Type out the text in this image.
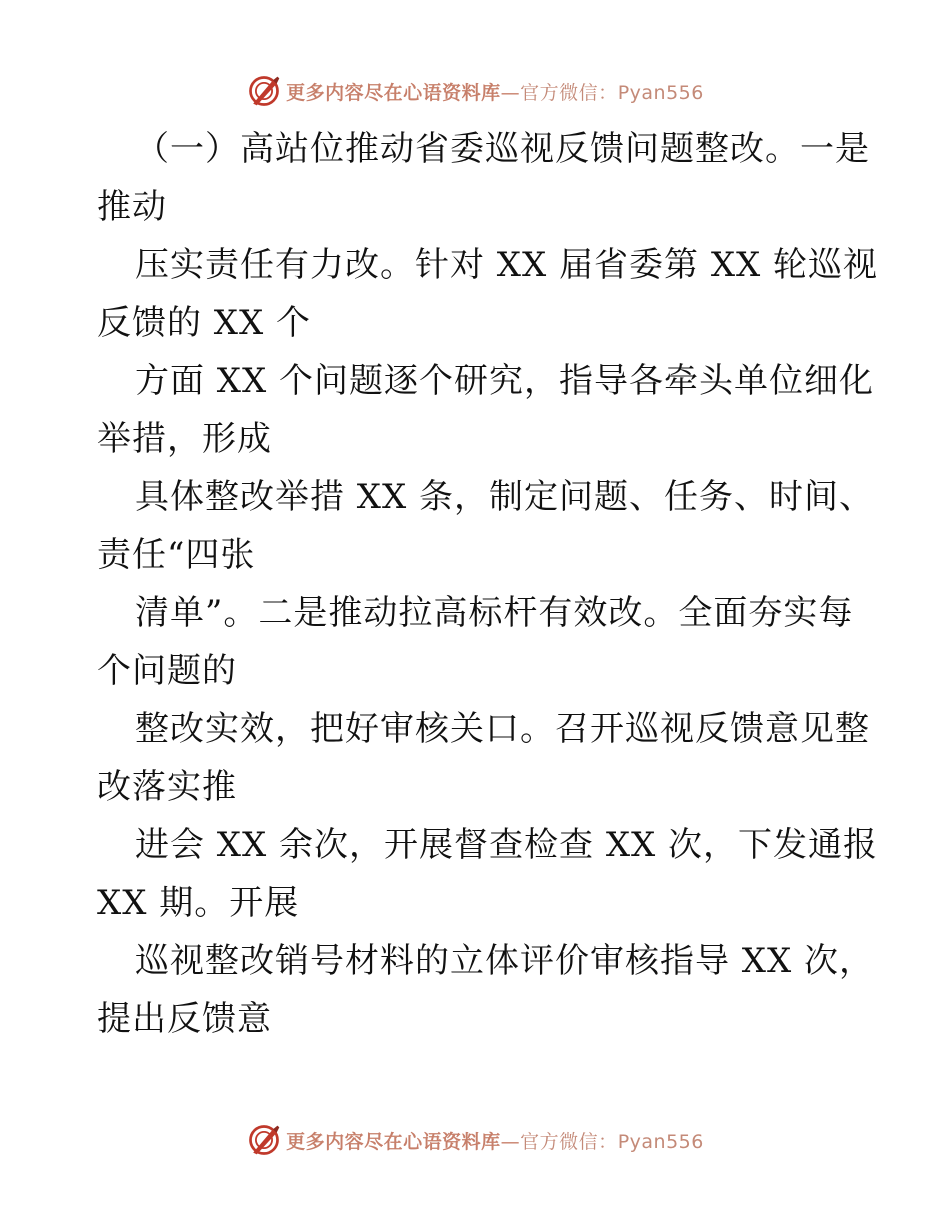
更多内容尽在心语资料库—官方微信：Pyan556
（一）高站位推动省委巡视反馈问题整改。一是
推动
压实责任有力改。针对 XX 届省委第 XX 轮巡视
反馈的 XX 个
方面 XX 个问题逐个研究，指导各牵头单位细化
举措，形成
具体整改举措 XX 条，制定问题、任务、时间、
责任“四张
清单”。二是推动拉高标杆有效改。全面夯实每
个问题的
整改实效，把好审核关口。召开巡视反馈意见整
改落实推
进会 XX 余次，开展督查检查 XX 次，下发通报
XX 期。开展
巡视整改销号材料的立体评价审核指导 XX 次，
提出反馈意
更多内容尽在心语资料库—官方微信：Pyan556
